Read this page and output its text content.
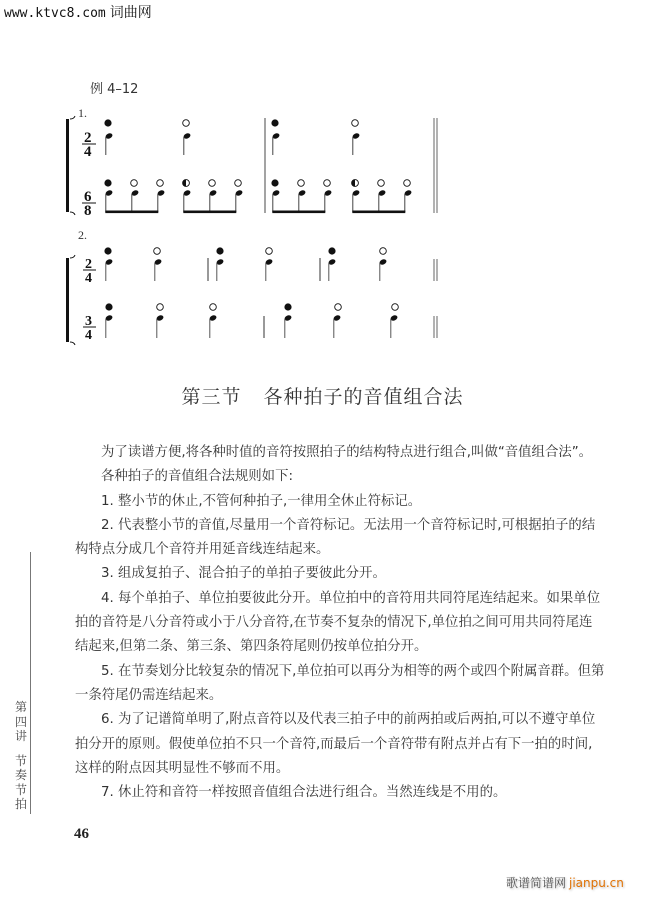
www.ktvc8.com 词曲网
例 4–12
1.
2.
2
4
6
8
2
4
3
4
第三节 各种拍子的音值组合法

为了读谱方便,将各种时值的音符按照拍子的结构特点进行组合,叫做“音值组合法”。

各种拍子的音值组合法规则如下:

1. 整小节的休止,不管何种拍子,一律用全休止符标记。

2. 代表整小节的音值,尽量用一个音符标记。无法用一个音符标记时,可根据拍子的结构特点分成几个音符并用延音线连结起来。

3. 组成复拍子、混合拍子的单拍子要彼此分开。

4. 每个单拍子、单位拍要彼此分开。单位拍中的音符用共同符尾连结起来。如果单位拍的音符是八分音符或小于八分音符,在节奏不复杂的情况下,单位拍之间可用共同符尾连结起来,但第二条、第三条、第四条符尾则仍按单位拍分开。

5. 在节奏划分比较复杂的情况下,单位拍可以再分为相等的两个或四个附属音群。但第一条符尾仍需连结起来。

6. 为了记谱简单明了,附点音符以及代表三拍子中的前两拍或后两拍,可以不遵守单位拍分开的原则。假使单位拍不只一个音符,而最后一个音符带有附点并占有下一拍的时间,这样的附点因其明显性不够而不用。

7. 休止符和音符一样按照音值组合法进行组合。当然连线是不用的。

第
四
讲
节
奏
节
拍
46
歌谱简谱网 jianpu.cn
